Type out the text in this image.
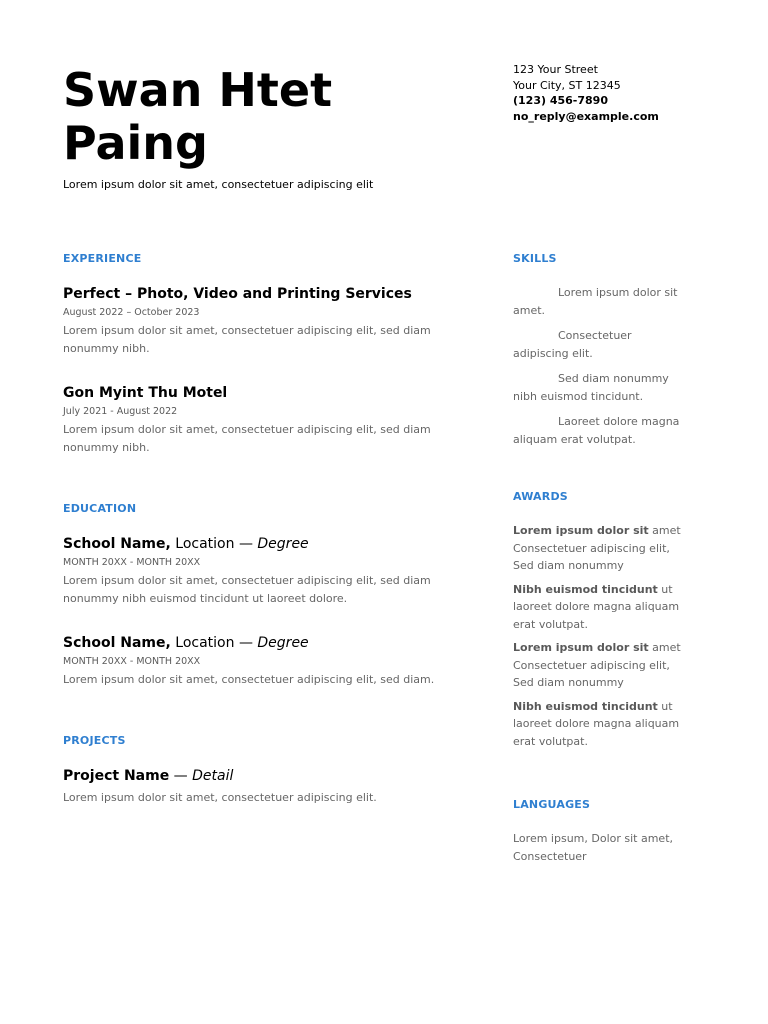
Swan Htet Paing
Lorem ipsum dolor sit amet, consectetuer adipiscing elit
123 Your Street
Your City, ST 12345
(123) 456-7890
no_reply@example.com
EXPERIENCE
Perfect – Photo, Video and Printing Services
August 2022 – October 2023
Lorem ipsum dolor sit amet, consectetuer adipiscing elit, sed diam nonummy nibh.
Gon Myint Thu Motel
July 2021 - August 2022
Lorem ipsum dolor sit amet, consectetuer adipiscing elit, sed diam nonummy nibh.
EDUCATION
School Name, Location — Degree
MONTH 20XX - MONTH 20XX
Lorem ipsum dolor sit amet, consectetuer adipiscing elit, sed diam nonummy nibh euismod tincidunt ut laoreet dolore.
School Name, Location — Degree
MONTH 20XX - MONTH 20XX
Lorem ipsum dolor sit amet, consectetuer adipiscing elit, sed diam.
PROJECTS
Project Name — Detail
Lorem ipsum dolor sit amet, consectetuer adipiscing elit.
SKILLS
Lorem ipsum dolor sit amet.
Consectetuer adipiscing elit.
Sed diam nonummy nibh euismod tincidunt.
Laoreet dolore magna aliquam erat volutpat.
AWARDS
Lorem ipsum dolor sit amet Consectetuer adipiscing elit, Sed diam nonummy
Nibh euismod tincidunt ut laoreet dolore magna aliquam erat volutpat.
Lorem ipsum dolor sit amet Consectetuer adipiscing elit, Sed diam nonummy
Nibh euismod tincidunt ut laoreet dolore magna aliquam erat volutpat.
LANGUAGES
Lorem ipsum, Dolor sit amet, Consectetuer
